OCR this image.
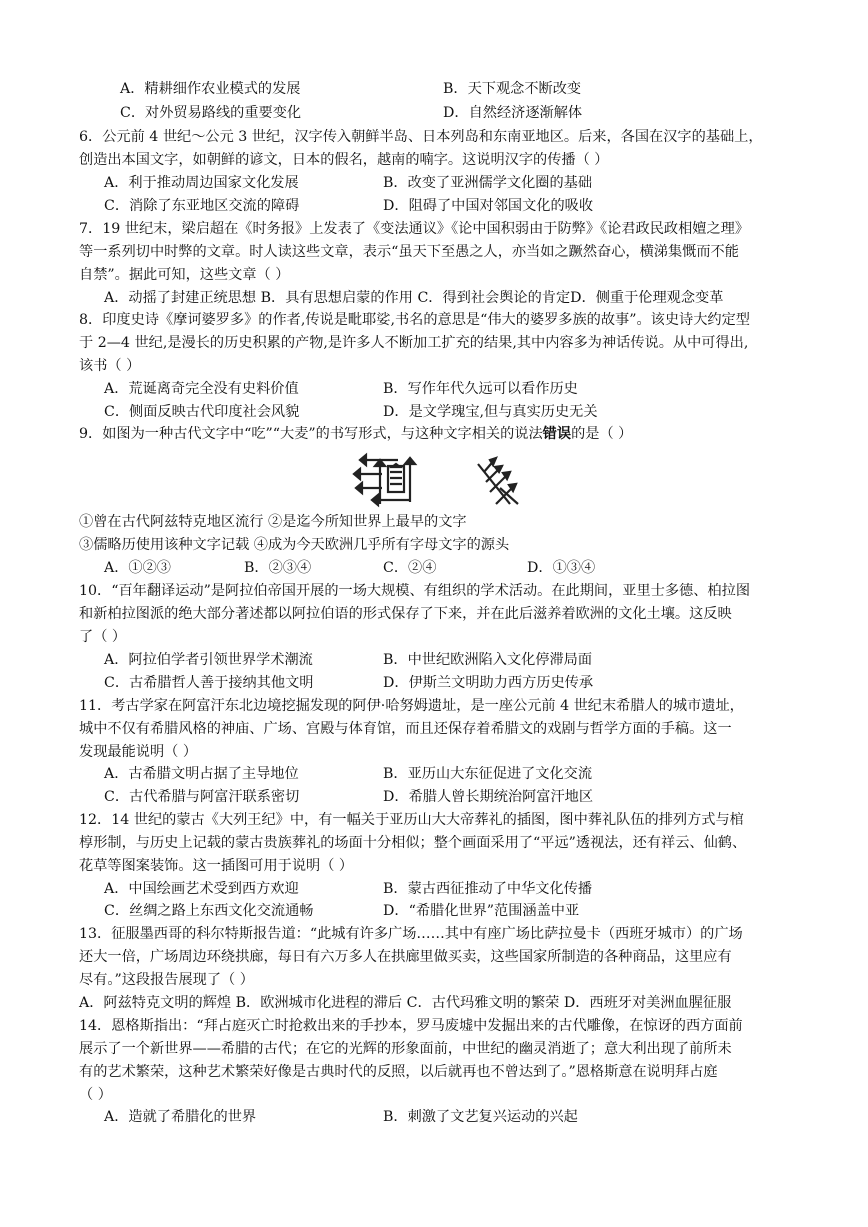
A．精耕细作农业模式的发展	B．天下观念不断改变
C．对外贸易路线的重要变化	D．自然经济逐渐解体
6．公元前 4 世纪～公元 3 世纪，汉字传入朝鲜半岛、日本列岛和东南亚地区。后来，各国在汉字的基础上，
创造出本国文字，如朝鲜的谚文，日本的假名，越南的喃字。这说明汉字的传播（ ）
A．利于推动周边国家文化发展	B．改变了亚洲儒学文化圈的基础
C．消除了东亚地区交流的障碍	D．阻碍了中国对邻国文化的吸收
7．19 世纪末，梁启超在《时务报》上发表了《变法通议》《论中国积弱由于防弊》《论君政民政相嬗之理》
等一系列切中时弊的文章。时人读这些文章，表示“虽天下至愚之人，亦当如之蹶然奋心，横涕集慨而不能
自禁”。据此可知，这些文章（ ）
A．动摇了封建正统思想 B．具有思想启蒙的作用 C．得到社会舆论的肯定D．侧重于伦理观念变革
8．印度史诗《摩诃婆罗多》的作者,传说是毗耶娑,书名的意思是“伟大的婆罗多族的故事”。该史诗大约定型
于 2—4 世纪,是漫长的历史积累的产物,是许多人不断加工扩充的结果,其中内容多为神话传说。从中可得出,
该书（ ）
A．荒诞离奇完全没有史料价值	B．写作年代久远可以看作历史
C．侧面反映古代印度社会风貌	D．是文学瑰宝,但与真实历史无关
9．如图为一种古代文字中“吃”“大麦”的书写形式，与这种文字相关的说法错误的是（ ）
①曾在古代阿兹特克地区流行 ②是迄今所知世界上最早的文字
③儒略历使用该种文字记载 ④成为今天欧洲几乎所有字母文字的源头
A．①②③	B．②③④	C．②④	D．①③④
10．“百年翻译运动”是阿拉伯帝国开展的一场大规模、有组织的学术活动。在此期间，亚里士多德、柏拉图
和新柏拉图派的绝大部分著述都以阿拉伯语的形式保存了下来，并在此后滋养着欧洲的文化土壤。这反映
了（ ）
A．阿拉伯学者引领世界学术潮流	B．中世纪欧洲陷入文化停滞局面
C．古希腊哲人善于接纳其他文明	D．伊斯兰文明助力西方历史传承
11．考古学家在阿富汗东北边境挖掘发现的阿伊·哈努姆遗址，是一座公元前 4 世纪末希腊人的城市遗址，
城中不仅有希腊风格的神庙、广场、宫殿与体育馆，而且还保存着希腊文的戏剧与哲学方面的手稿。这一
发现最能说明（ ）
A．古希腊文明占据了主导地位	B．亚历山大东征促进了文化交流
C．古代希腊与阿富汗联系密切	D．希腊人曾长期统治阿富汗地区
12．14 世纪的蒙古《大列王纪》中，有一幅关于亚历山大大帝葬礼的插图，图中葬礼队伍的排列方式与棺
椁形制，与历史上记载的蒙古贵族葬礼的场面十分相似；整个画面采用了“平远”透视法，还有祥云、仙鹤、
花草等图案装饰。这一插图可用于说明（ ）
A．中国绘画艺术受到西方欢迎	B．蒙古西征推动了中华文化传播
C．丝绸之路上东西文化交流通畅	D．“希腊化世界”范围涵盖中亚
13．征服墨西哥的科尔特斯报告道：“此城有许多广场……其中有座广场比萨拉曼卡（西班牙城市）的广场
还大一倍，广场周边环绕拱廊，每日有六万多人在拱廊里做买卖，这些国家所制造的各种商品，这里应有
尽有。”这段报告展现了（ ）
A．阿兹特克文明的辉煌 B．欧洲城市化进程的滞后 C．古代玛雅文明的繁荣 D．西班牙对美洲血腥征服
14．恩格斯指出：“拜占庭灭亡时抢救出来的手抄本，罗马废墟中发掘出来的古代雕像，在惊讶的西方面前
展示了一个新世界——希腊的古代；在它的光辉的形象面前，中世纪的幽灵消逝了；意大利出现了前所未
有的艺术繁荣，这种艺术繁荣好像是古典时代的反照，以后就再也不曾达到了。”恩格斯意在说明拜占庭
（ ）
A．造就了希腊化的世界	B．刺激了文艺复兴运动的兴起
